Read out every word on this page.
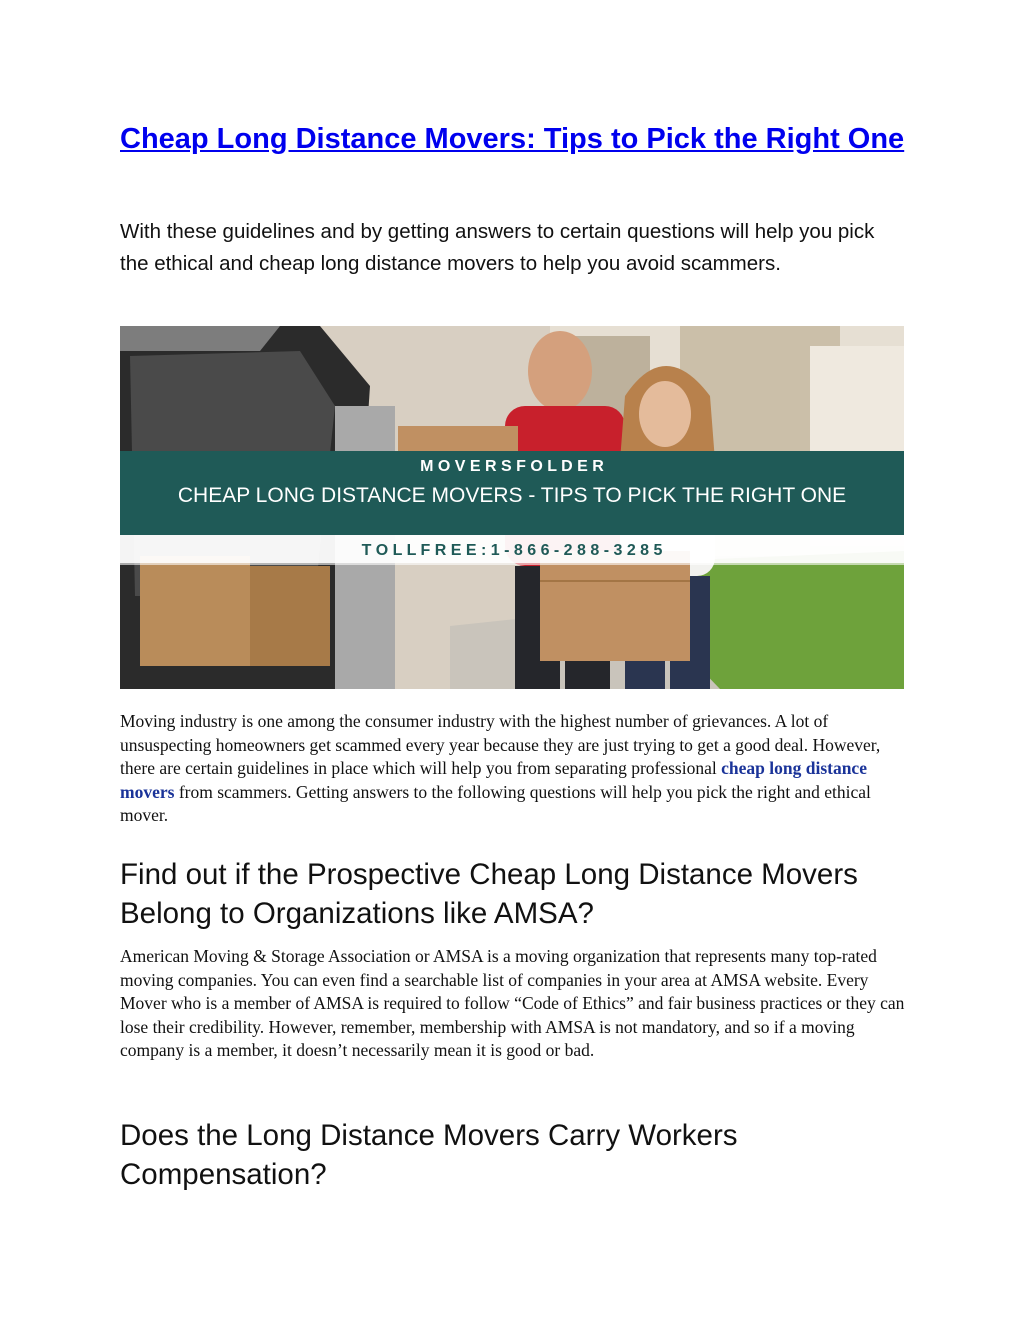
Cheap Long Distance Movers: Tips to Pick the Right One

With these guidelines and by getting answers to certain questions will help you pick the ethical and cheap long distance movers to help you avoid scammers.

M O V E R S F O L D E R
CHEAP LONG DISTANCE MOVERS - TIPS TO PICK THE RIGHT ONE
T O L L F R E E : 1 - 8 6 6 - 2 8 8 - 3 2 8 5

Moving industry is one among the consumer industry with the highest number of grievances. A lot of unsuspecting homeowners get scammed every year because they are just trying to get a good deal. However, there are certain guidelines in place which will help you from separating professional cheap long distance movers from scammers. Getting answers to the following questions will help you pick the right and ethical mover.

Find out if the Prospective Cheap Long Distance Movers Belong to Organizations like AMSA?

American Moving & Storage Association or AMSA is a moving organization that represents many top-rated moving companies. You can even find a searchable list of companies in your area at AMSA website. Every Mover who is a member of AMSA is required to follow “Code of Ethics” and fair business practices or they can lose their credibility. However, remember, membership with AMSA is not mandatory, and so if a moving company is a member, it doesn’t necessarily mean it is good or bad.

Does the Long Distance Movers Carry Workers Compensation?
